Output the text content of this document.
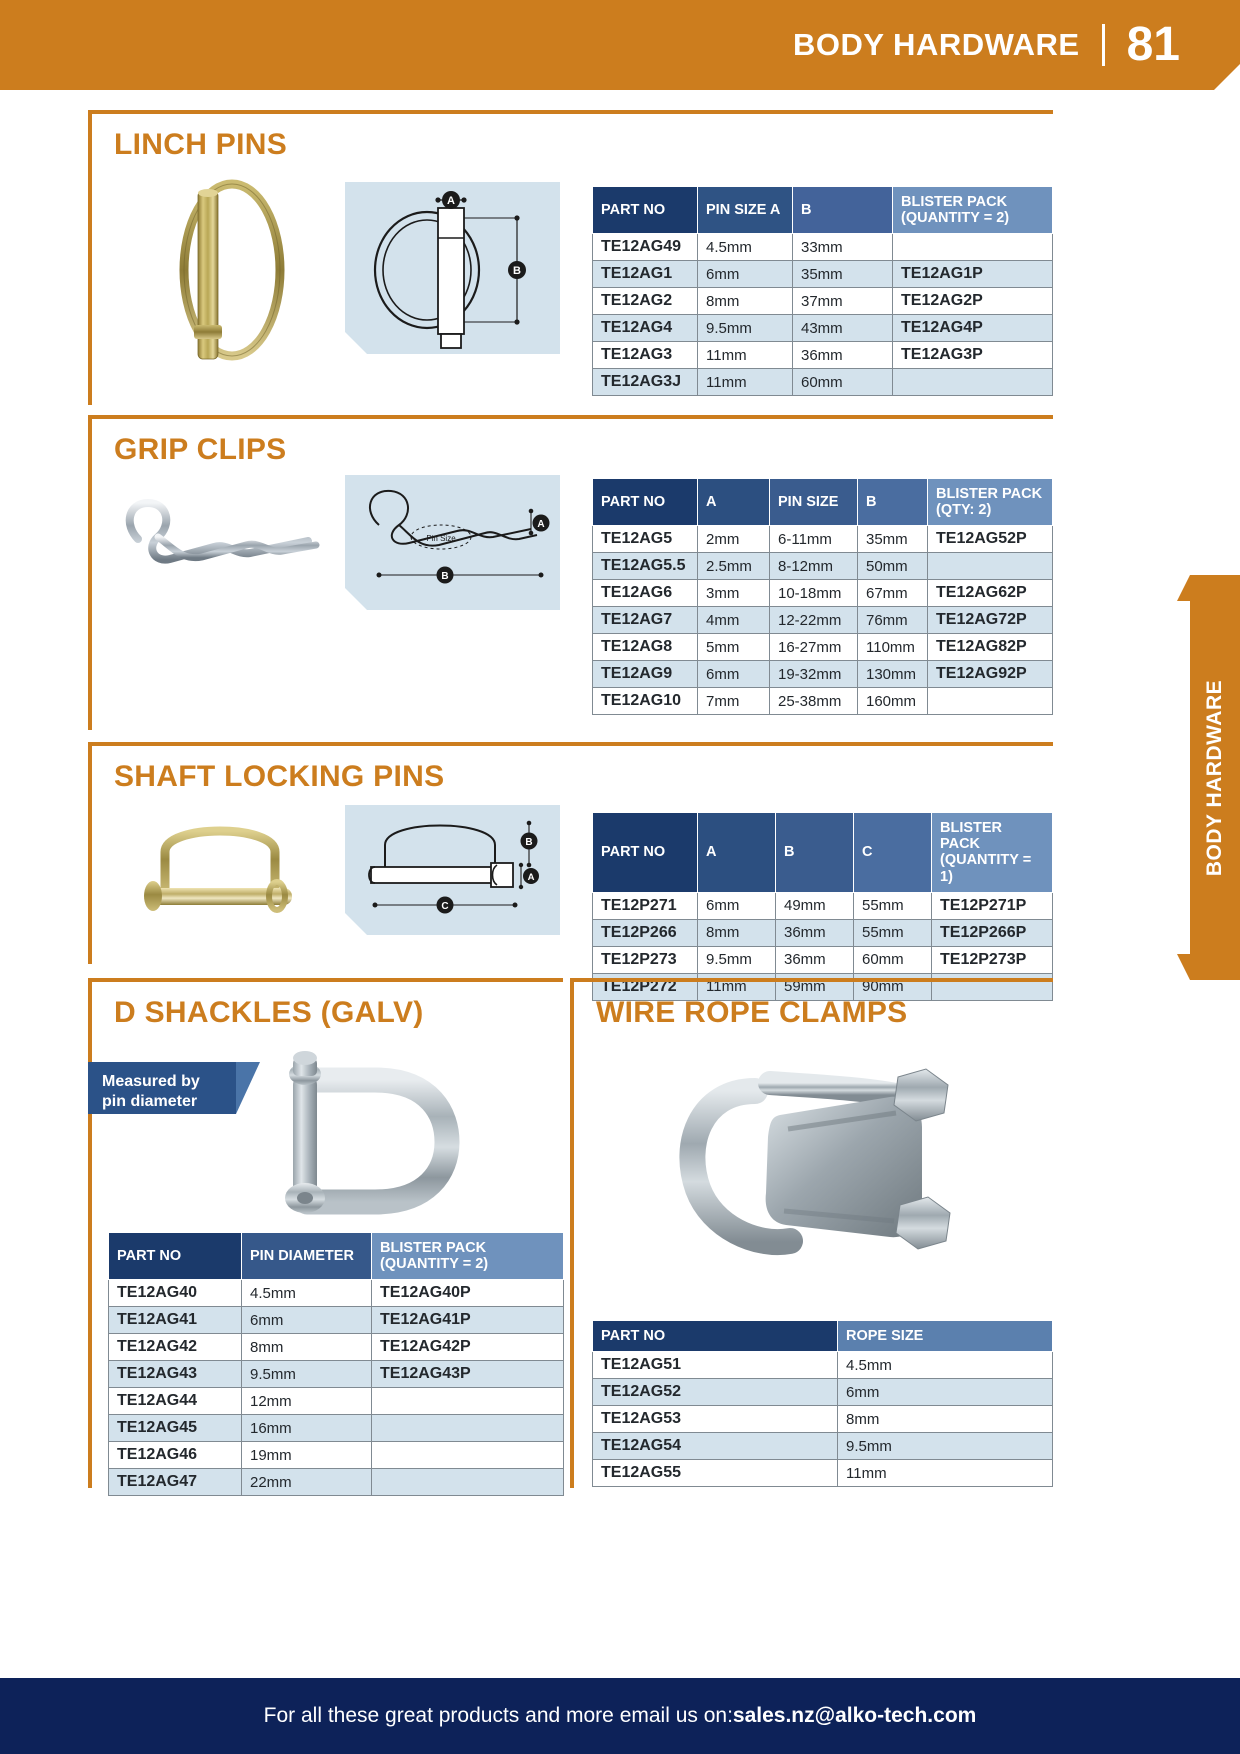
BODY HARDWARE 81
BODY HARDWARE
LINCH PINS
A
B
PART NO	PIN SIZE A	B	BLISTER PACK (QUANTITY = 2)
TE12AG49	4.5mm	33mm	
TE12AG1	6mm	35mm	TE12AG1P
TE12AG2	8mm	37mm	TE12AG2P
TE12AG4	9.5mm	43mm	TE12AG4P
TE12AG3	11mm	36mm	TE12AG3P
TE12AG3J	11mm	60mm	
GRIP CLIPS
Pin Size
A
B
PART NO	A	PIN SIZE	B	BLISTER PACK (QTY: 2)
TE12AG5	2mm	6-11mm	35mm	TE12AG52P
TE12AG5.5	2.5mm	8-12mm	50mm	
TE12AG6	3mm	10-18mm	67mm	TE12AG62P
TE12AG7	4mm	12-22mm	76mm	TE12AG72P
TE12AG8	5mm	16-27mm	110mm	TE12AG82P
TE12AG9	6mm	19-32mm	130mm	TE12AG92P
TE12AG10	7mm	25-38mm	160mm	
SHAFT LOCKING PINS
B
A
C
PART NO	A	B	C	BLISTER PACK (QUANTITY = 1)
TE12P271	6mm	49mm	55mm	TE12P271P
TE12P266	8mm	36mm	55mm	TE12P266P
TE12P273	9.5mm	36mm	60mm	TE12P273P
TE12P272	11mm	59mm	90mm	
D SHACKLES (GALV)
Measured by
pin diameter
PART NO	PIN DIAMETER	BLISTER PACK (QUANTITY = 2)
TE12AG40	4.5mm	TE12AG40P
TE12AG41	6mm	TE12AG41P
TE12AG42	8mm	TE12AG42P
TE12AG43	9.5mm	TE12AG43P
TE12AG44	12mm	
TE12AG45	16mm	
TE12AG46	19mm	
TE12AG47	22mm	
WIRE ROPE CLAMPS
PART NO	ROPE SIZE
TE12AG51	4.5mm
TE12AG52	6mm
TE12AG53	8mm
TE12AG54	9.5mm
TE12AG55	11mm
For all these great products and more email us on: sales.nz@alko-tech.com
